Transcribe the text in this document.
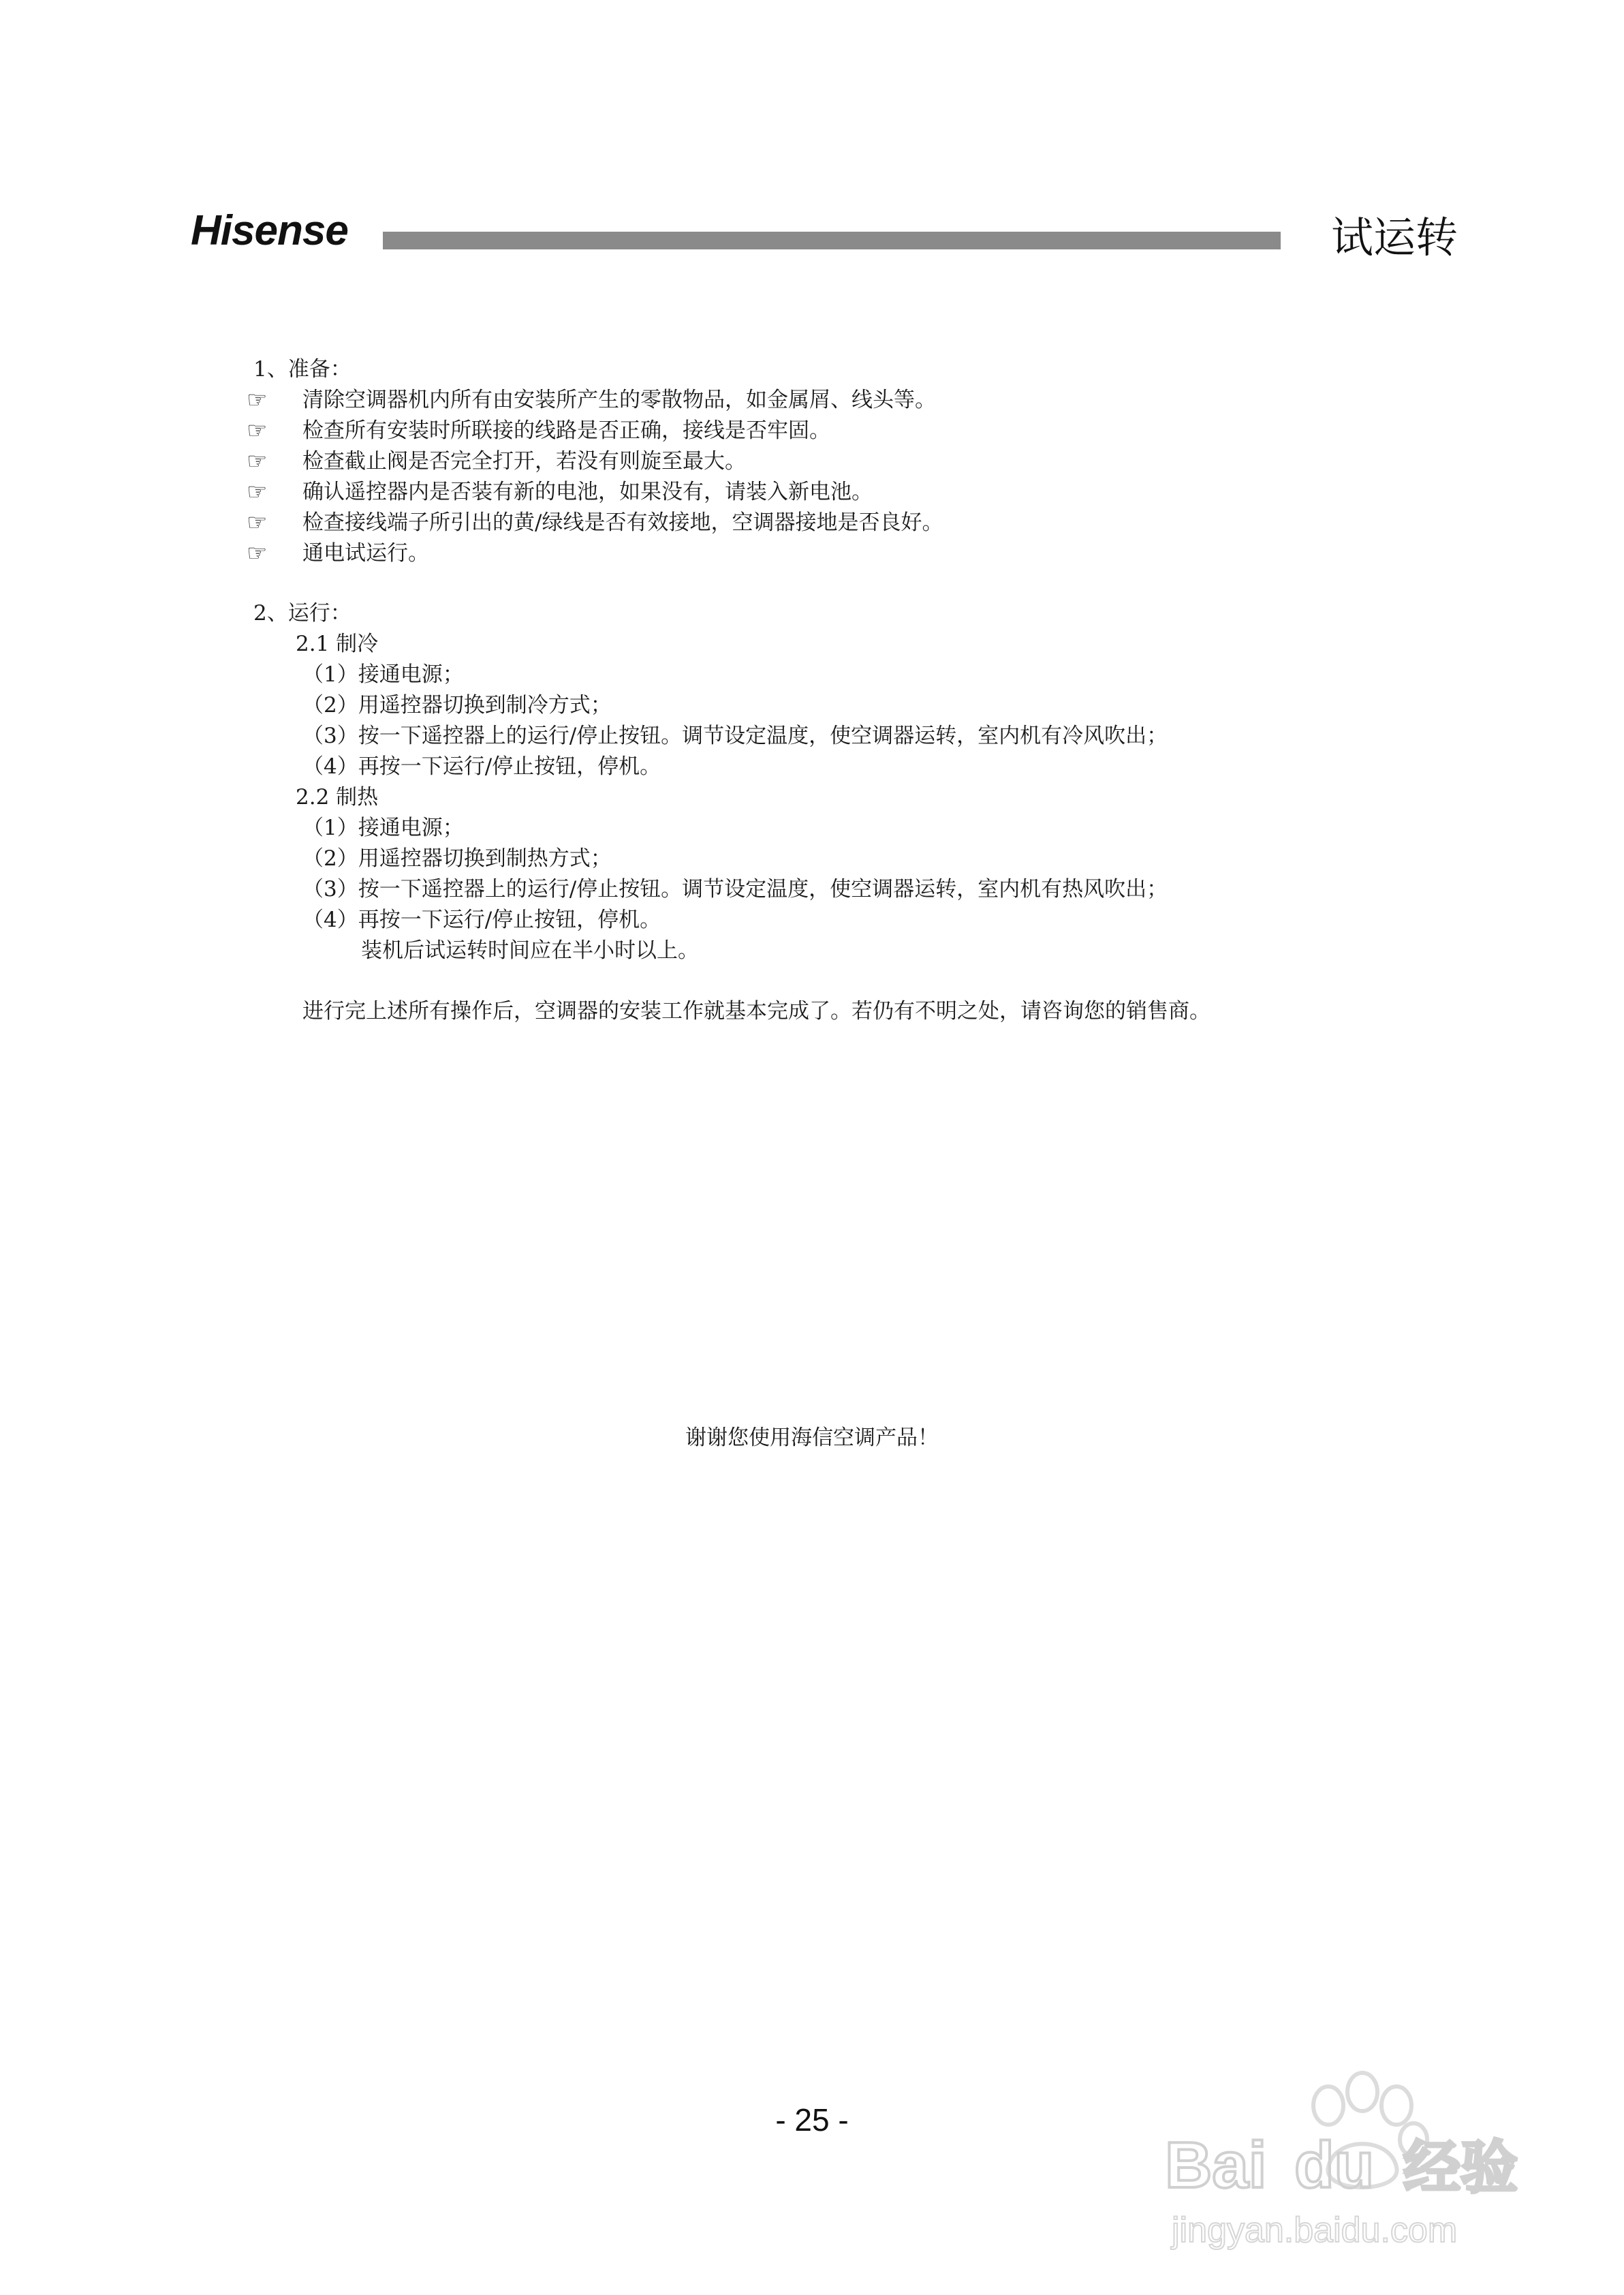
Hisense	试运转
1、准备：
☞ 清除空调器机内所有由安装所产生的零散物品，如金属屑、线头等。
☞ 检查所有安装时所联接的线路是否正确，接线是否牢固。
☞ 检查截止阀是否完全打开，若没有则旋至最大。
☞ 确认遥控器内是否装有新的电池，如果没有，请装入新电池。
☞ 检查接线端子所引出的黄/绿线是否有效接地，空调器接地是否良好。
☞ 通电试运行。
2、运行：
2.1 制冷
（1）接通电源；
（2）用遥控器切换到制冷方式；
（3）按一下遥控器上的运行/停止按钮。调节设定温度，使空调器运转，室内机有冷风吹出；
（4）再按一下运行/停止按钮，停机。
2.2 制热
（1）接通电源；
（2）用遥控器切换到制热方式；
（3）按一下遥控器上的运行/停止按钮。调节设定温度，使空调器运转，室内机有热风吹出；
（4）再按一下运行/停止按钮，停机。
装机后试运转时间应在半小时以上。
进行完上述所有操作后，空调器的安装工作就基本完成了。若仍有不明之处，请咨询您的销售商。
谢谢您使用海信空调产品！
- 25 -
Bai du 经验
jingyan.baidu.com
